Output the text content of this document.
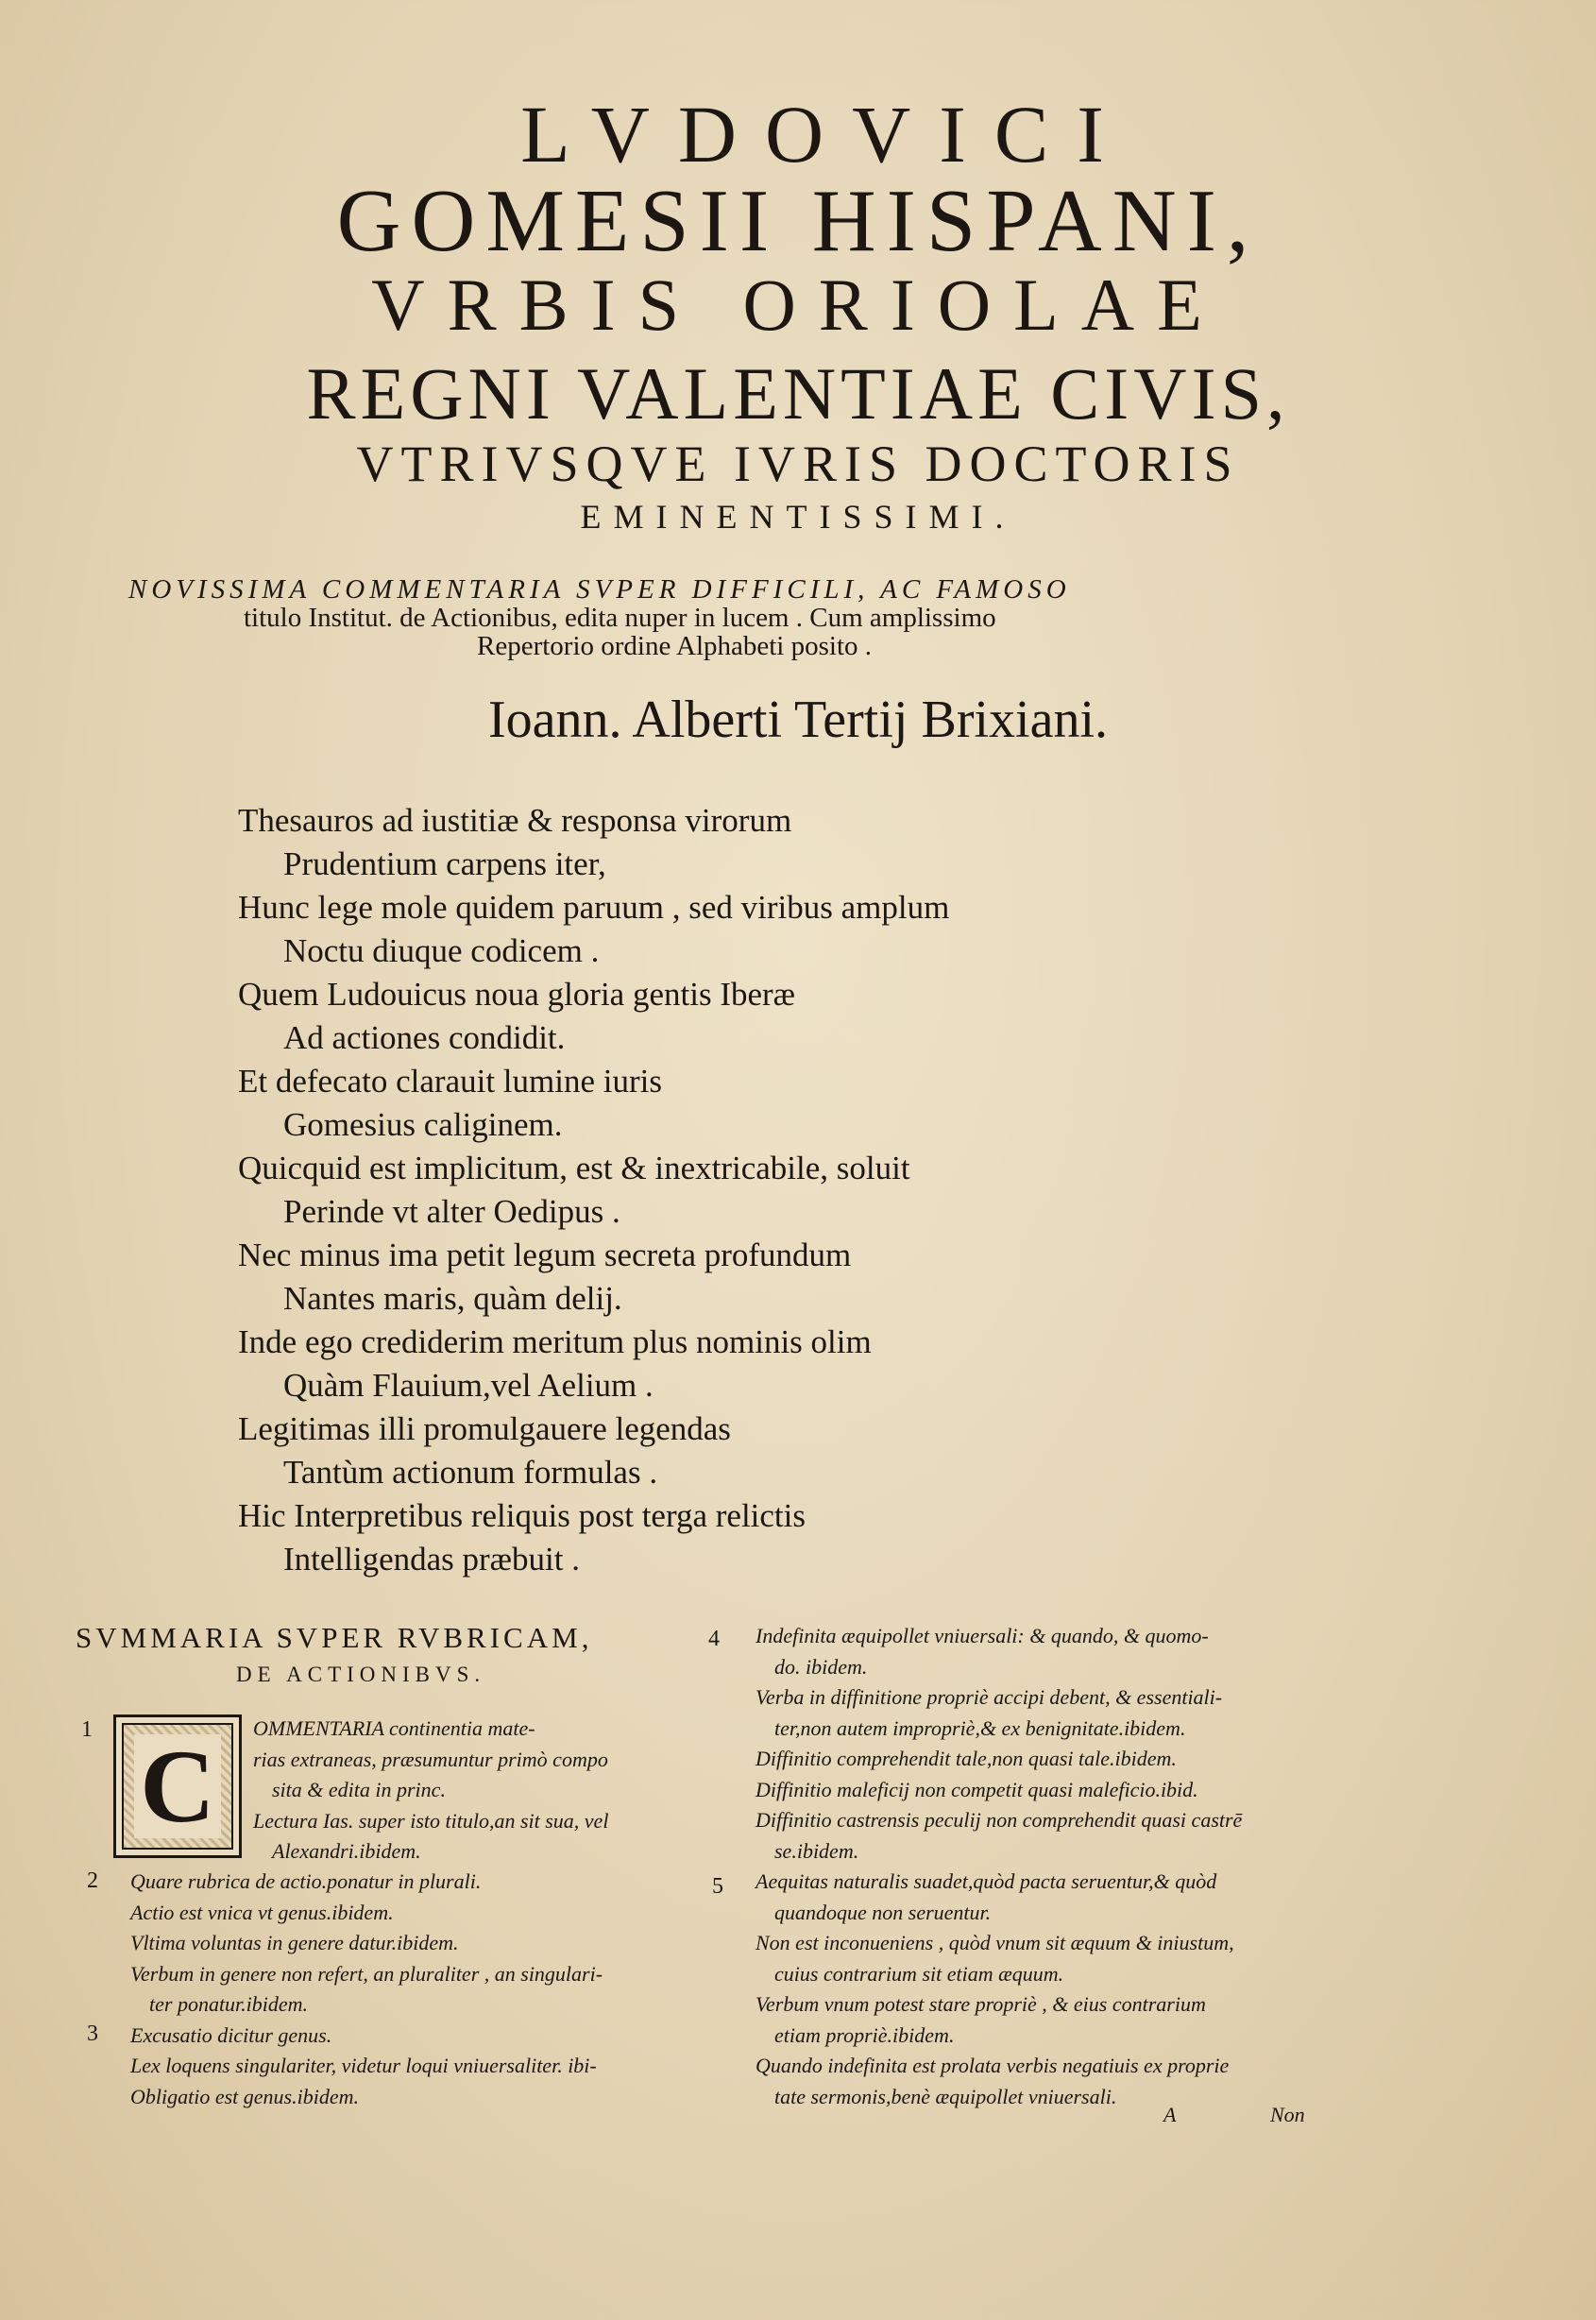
LVDOVICI
GOMESII HISPANI,
VRBIS ORIOLAE
REGNI VALENTIAE CIVIS,
VTRIVSQVE IVRIS DOCTORIS
EMINENTISSIMI.
NOVISSIMA COMMENTARIA SVPER DIFFICILI, AC FAMOSO
titulo Institut. de Actionibus, edita nuper in lucem . Cum amplissimo
Repertorio ordine Alphabeti posito .
Ioann. Alberti Tertij Brixiani.
Thesauros ad iustitiæ & responsa virorum
Prudentium carpens iter,
Hunc lege mole quidem paruum , sed viribus amplum
Noctu diuque codicem .
Quem Ludouicus noua gloria gentis Iberæ
Ad actiones condidit.
Et defecato clarauit lumine iuris
Gomesius caliginem.
Quicquid est implicitum, est & inextricabile, soluit
Perinde vt alter Oedipus .
Nec minus ima petit legum secreta profundum
Nantes maris, quàm delij.
Inde ego crediderim meritum plus nominis olim
Quàm Flauium,vel Aelium .
Legitimas illi promulgauere legendas
Tantùm actionum formulas .
Hic Interpretibus reliquis post terga relictis
Intelligendas præbuit .
SVMMARIA SVPER RVBRICAM,
DE ACTIONIBVS.
C
1
2
3
4
5
OMMENTARIA continentia mate-
rias extraneas, præsumuntur primò compo
sita & edita in princ.
Lectura Ias. super isto titulo,an sit sua, vel
Alexandri.ibidem.
Quare rubrica de actio.ponatur in plurali.
Actio est vnica vt genus.ibidem.
Vltima voluntas in genere datur.ibidem.
Verbum in genere non refert, an pluraliter , an singulari-
ter ponatur.ibidem.
Excusatio dicitur genus.
Lex loquens singulariter, videtur loqui vniuersaliter. ibi-
Obligatio est genus.ibidem.
Indefinita æquipollet vniuersali: & quando, & quomo-
do. ibidem.
Verba in diffinitione propriè accipi debent, & essentiali-
ter,non autem impropriè,& ex benignitate.ibidem.
Diffinitio comprehendit tale,non quasi tale.ibidem.
Diffinitio maleficij non competit quasi maleficio.ibid.
Diffinitio castrensis peculij non comprehendit quasi castrē
se.ibidem.
Aequitas naturalis suadet,quòd pacta seruentur,& quòd
quandoque non seruentur.
Non est inconueniens , quòd vnum sit æquum & iniustum,
cuius contrarium sit etiam æquum.
Verbum vnum potest stare propriè , & eius contrarium
etiam propriè.ibidem.
Quando indefinita est prolata verbis negatiuis ex proprie
tate sermonis,benè æquipollet vniuersali.
A	Non
